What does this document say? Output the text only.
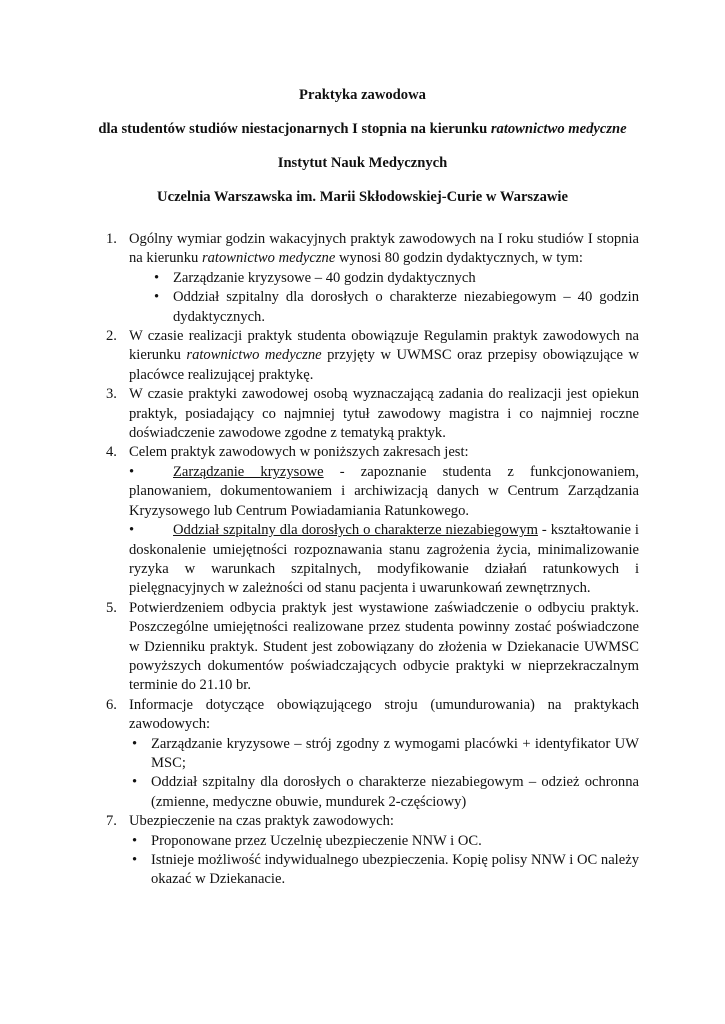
Praktyka zawodowa

dla studentów studiów niestacjonarnych I stopnia na kierunku ratownictwo medyczne

Instytut Nauk Medycznych

Uczelnia Warszawska im. Marii Skłodowskiej-Curie w Warszawie

1. Ogólny wymiar godzin wakacyjnych praktyk zawodowych na I roku studiów I stopnia na kierunku ratownictwo medyczne wynosi 80 godzin dydaktycznych, w tym:
• Zarządzanie kryzysowe – 40 godzin dydaktycznych
• Oddział szpitalny dla dorosłych o charakterze niezabiegowym – 40 godzin dydaktycznych.
2. W czasie realizacji praktyk studenta obowiązuje Regulamin praktyk zawodowych na kierunku ratownictwo medyczne przyjęty w UWMSC oraz przepisy obowiązujące w placówce realizującej praktykę.
3. W czasie praktyki zawodowej osobą wyznaczającą zadania do realizacji jest opiekun praktyk, posiadający co najmniej tytuł zawodowy magistra i co najmniej roczne doświadczenie zawodowe zgodne z tematyką praktyk.
4. Celem praktyk zawodowych w poniższych zakresach jest:
•	Zarządzanie kryzysowe - zapoznanie studenta z funkcjonowaniem, planowaniem, dokumentowaniem i archiwizacją danych w Centrum Zarządzania Kryzysowego lub Centrum Powiadamiania Ratunkowego.
•	Oddział szpitalny dla dorosłych o charakterze niezabiegowym - kształtowanie i doskonalenie umiejętności rozpoznawania stanu zagrożenia życia, minimalizowanie ryzyka w warunkach szpitalnych, modyfikowanie działań ratunkowych i pielęgnacyjnych w zależności od stanu pacjenta i uwarunkowań zewnętrznych.
5. Potwierdzeniem odbycia praktyk jest wystawione zaświadczenie o odbyciu praktyk. Poszczególne umiejętności realizowane przez studenta powinny zostać poświadczone w Dzienniku praktyk. Student jest zobowiązany do złożenia w Dziekanacie UWMSC powyższych dokumentów poświadczających odbycie praktyki w nieprzekraczalnym terminie do 21.10 br.
6. Informacje dotyczące obowiązującego stroju (umundurowania) na praktykach zawodowych:
• Zarządzanie kryzysowe – strój zgodny z wymogami placówki + identyfikator UW MSC;
• Oddział szpitalny dla dorosłych o charakterze niezabiegowym – odzież ochronna (zmienne, medyczne obuwie, mundurek 2-częściowy)
7. Ubezpieczenie na czas praktyk zawodowych:
• Proponowane przez Uczelnię ubezpieczenie NNW i OC.
• Istnieje możliwość indywidualnego ubezpieczenia. Kopię polisy NNW i OC należy okazać w Dziekanacie.
